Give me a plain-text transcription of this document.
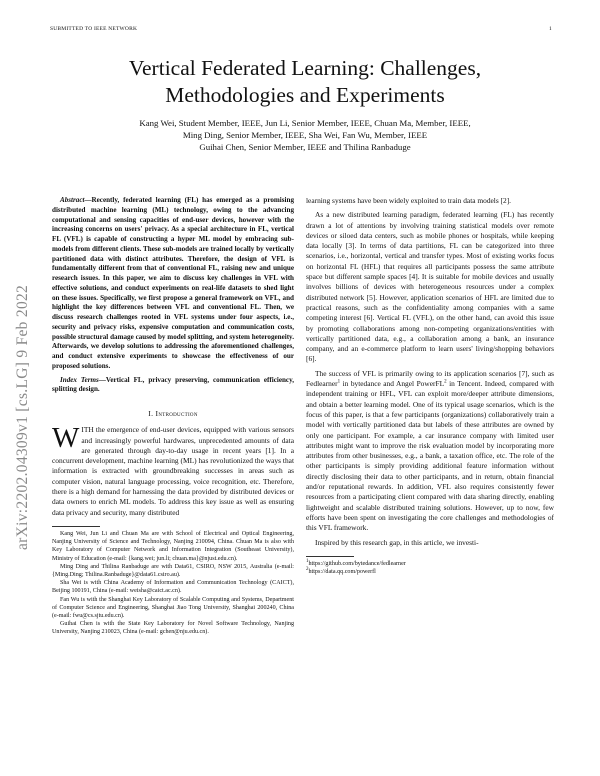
SUBMITTED TO IEEE NETWORK	1
arXiv:2202.04309v1 [cs.LG] 9 Feb 2022
Vertical Federated Learning: Challenges,
Methodologies and Experiments
Kang Wei, Student Member, IEEE, Jun Li, Senior Member, IEEE, Chuan Ma, Member, IEEE,
Ming Ding, Senior Member, IEEE, Sha Wei, Fan Wu, Member, IEEE
Guihai Chen, Senior Member, IEEE and Thilina Ranbaduge

Abstract—Recently, federated learning (FL) has emerged as a promising distributed machine learning (ML) technology, owing to the advancing computational and sensing capacities of end-user devices, however with the increasing concerns on users' privacy. As a special architecture in FL, vertical FL (VFL) is capable of constructing a hyper ML model by embracing sub-models from different clients. These sub-models are trained locally by vertically partitioned data with distinct attributes. Therefore, the design of VFL is fundamentally different from that of conventional FL, raising new and unique research issues. In this paper, we aim to discuss key challenges in VFL with effective solutions, and conduct experiments on real-life datasets to shed light on these issues. Specifically, we first propose a general framework on VFL, and highlight the key differences between VFL and conventional FL. Then, we discuss research challenges rooted in VFL systems under four aspects, i.e., security and privacy risks, expensive computation and communication costs, possible structural damage caused by model splitting, and system heterogeneity. Afterwards, we develop solutions to addressing the aforementioned challenges, and conduct extensive experiments to showcase the effectiveness of our proposed solutions.

Index Terms—Vertical FL, privacy preserving, communication efficiency, splitting design.

I. Introduction

WITH the emergence of end-user devices, equipped with various sensors and increasingly powerful hardwares, unprecedented amounts of data are generated through day-to-day usage in recent years [1]. In a concurrent development, machine learning (ML) has revolutionized the ways that information is extracted with groundbreaking successes in areas such as computer vision, natural language processing, voice recognition, etc. Therefore, there is a high demand for harnessing the data provided by distributed devices or data owners to enrich ML models. To address this key issue as well as ensuring data privacy and security, many distributed

Kang Wei, Jun Li and Chuan Ma are with School of Electrical and Optical Engineering, Nanjing University of Science and Technology, Nanjing 210094, China. Chuan Ma is also with Key Laboratory of Computer Network and Information Integration (Southeast University), Ministry of Education (e-mail: {kang.wei; jun.li; chuan.ma}@njust.edu.cn).

Ming Ding and Thilina Ranbaduge are with Data61, CSIRO, NSW 2015, Australia (e-mail: {Ming.Ding; Thilina.Ranbaduge}@data61.csiro.au).

Sha Wei is with China Academy of Information and Communication Technology (CAICT), Beijing 100191, China (e-mail: weisha@caict.ac.cn).

Fan Wu is with the Shanghai Key Laboratory of Scalable Computing and Systems, Department of Computer Science and Engineering, Shanghai Jiao Tong University, Shanghai 200240, China (e-mail: fwu@cs.sjtu.edu.cn).

Guihai Chen is with the State Key Laboratory for Novel Software Technology, Nanjing University, Nanjing 210023, China (e-mail: gchen@nju.edu.cn).

learning systems have been widely exploited to train data models [2].

As a new distributed learning paradigm, federated learning (FL) has recently drawn a lot of attentions by involving training statistical models over remote devices or siloed data centers, such as mobile phones or hospitals, while keeping data locally [3]. In terms of data partitions, FL can be categorized into three scenarios, i.e., horizontal, vertical and transfer types. Most of existing works focus on horizontal FL (HFL) that requires all participants possess the same attribute space but different sample spaces [4]. It is suitable for mobile devices and usually involves billions of devices with heterogeneous resources under a complex distributed network [5]. However, application scenarios of HFL are limited due to practical reasons, such as the confidentiality among companies with a same competing interest [6]. Vertical FL (VFL), on the other hand, can avoid this issue by promoting collaborations among non-competing organizations/entities with vertically partitioned data, e.g., a collaboration among a bank, an insurance company, and an e-commerce platform to learn users' living/shopping behaviors [6].

The success of VFL is primarily owing to its application scenarios [7], such as Fedlearner$^1$ in bytedance and Angel PowerFL$^2$ in Tencent. Indeed, compared with independent training or HFL, VFL can exploit more/deeper attribute dimensions, and obtain a better learning model. One of its typical usage scenarios, which is the focus of this paper, is that a few participants (organizations) collaboratively train a model with vertically partitioned data but labels of these attributes are owned by only one participant. For example, a car insurance company with limited user attributes might want to improve the risk evaluation model by incorporating more attributes from other businesses, e.g., a bank, a taxation office, etc. The role of the other participants is simply providing additional feature information without directly disclosing their data to other participants, and in return, obtain financial and/or reputational rewards. In addition, VFL also requires consistently fewer resources from a participating client compared with data sharing directly, enabling lightweight and scalable distributed training solutions. However, up to now, few efforts have been spent on investigating the core challenges and methodologies of this VFL framework.

Inspired by this research gap, in this article, we investi-

$^1$https://github.com/bytedance/fedlearner

$^2$https://data.qq.com/powerfl
